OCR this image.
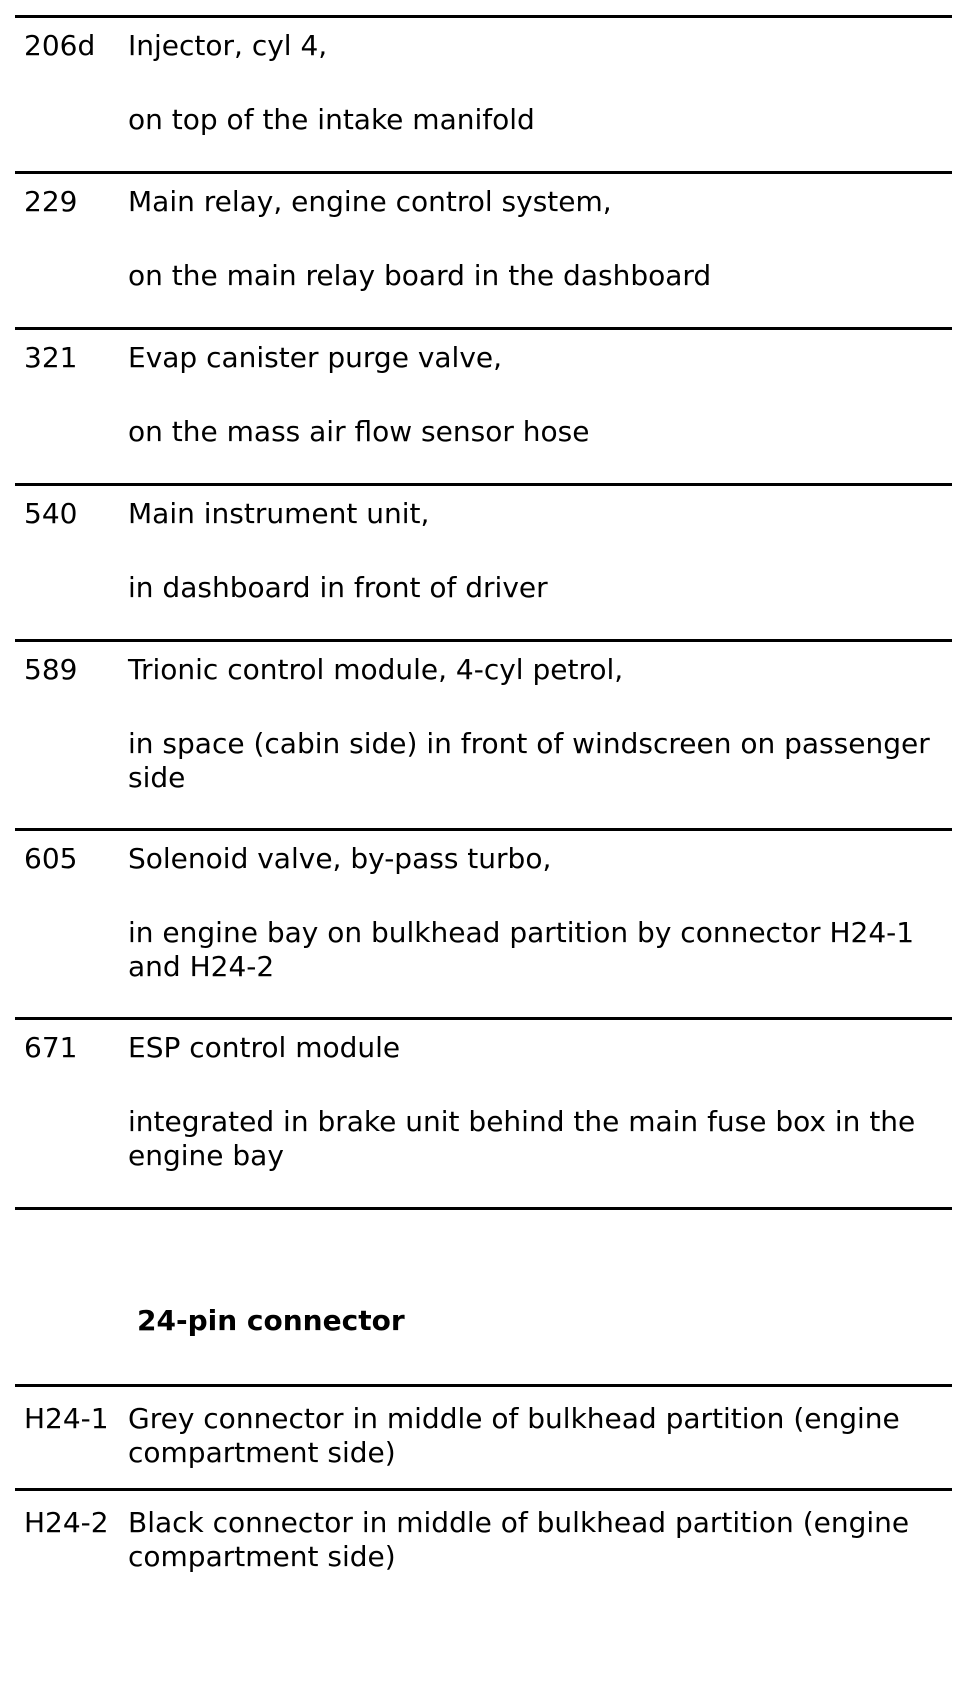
206d	Injector, cyl 4,

on top of the intake manifold

229	Main relay, engine control system,

on the main relay board in the dashboard

321	Evap canister purge valve,

on the mass air flow sensor hose

540	Main instrument unit,

in dashboard in front of driver

589	Trionic control module, 4-cyl petrol,

in space (cabin side) in front of windscreen on passenger side

605	Solenoid valve, by-pass turbo,

in engine bay on bulkhead partition by connector H24-1 and H24-2

671	ESP control module

integrated in brake unit behind the main fuse box in the engine bay

24-pin connector
H24-1 Grey connector in middle of bulkhead partition (engine compartment side)
H24-2 Black connector in middle of bulkhead partition (engine compartment side)
